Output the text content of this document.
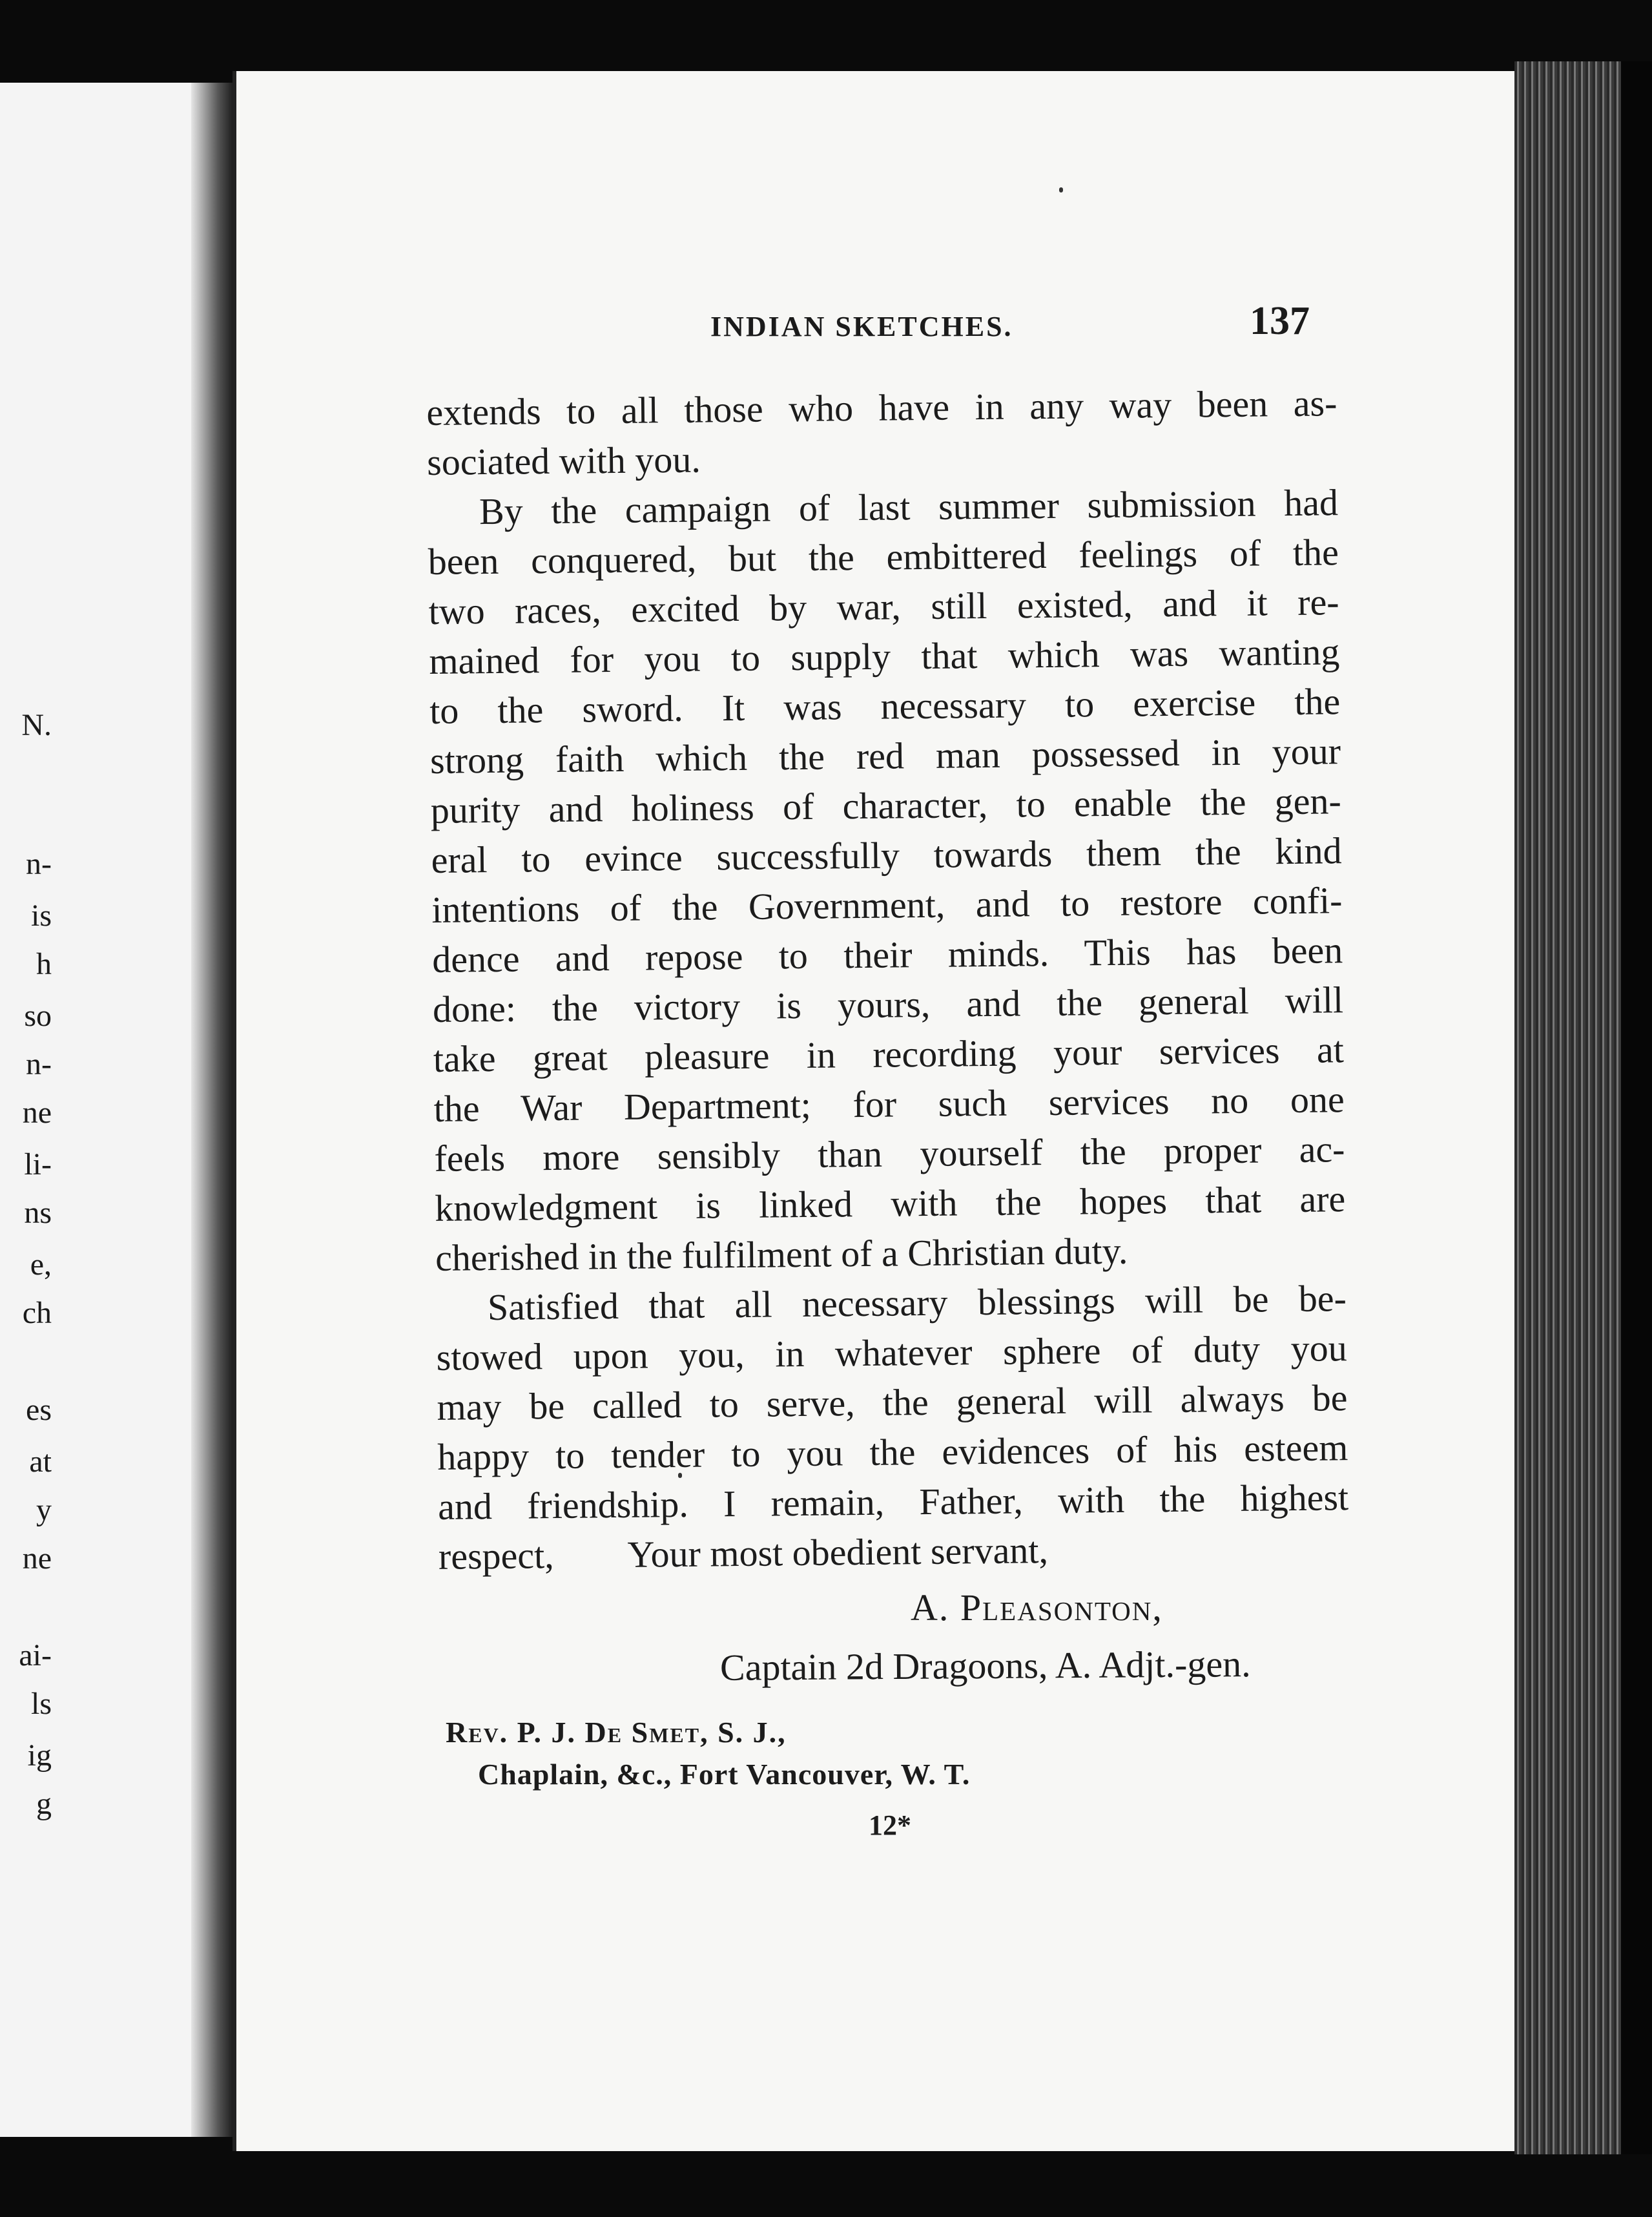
N.
n-
is
h
so
n-
ne
li-
ns
e,
ch
es
at
y
ne
ai-
ls
ig
g
INDIAN SKETCHES.	137
extends to all those who have in any way been as-
sociated with you.
By the campaign of last summer submission had
been conquered, but the embittered feelings of the
two races, excited by war, still existed, and it re-
mained for you to supply that which was wanting
to the sword. It was necessary to exercise the
strong faith which the red man possessed in your
purity and holiness of character, to enable the gen-
eral to evince successfully towards them the kind
intentions of the Government, and to restore confi-
dence and repose to their minds. This has been
done: the victory is yours, and the general will
take great pleasure in recording your services at
the War Department; for such services no one
feels more sensibly than yourself the proper ac-
knowledgment is linked with the hopes that are
cherished in the fulfilment of a Christian duty.
Satisfied that all necessary blessings will be be-
stowed upon you, in whatever sphere of duty you
may be called to serve, the general will always be
happy to tender to you the evidences of his esteem
and friendship. I remain, Father, with the highest
respect,        Your most obedient servant,
A. Pleasonton,
Captain 2d Dragoons, A. Adjt.-gen.
Rev. P. J. De Smet, S. J.,
Chaplain, &c., Fort Vancouver, W. T.
12*
